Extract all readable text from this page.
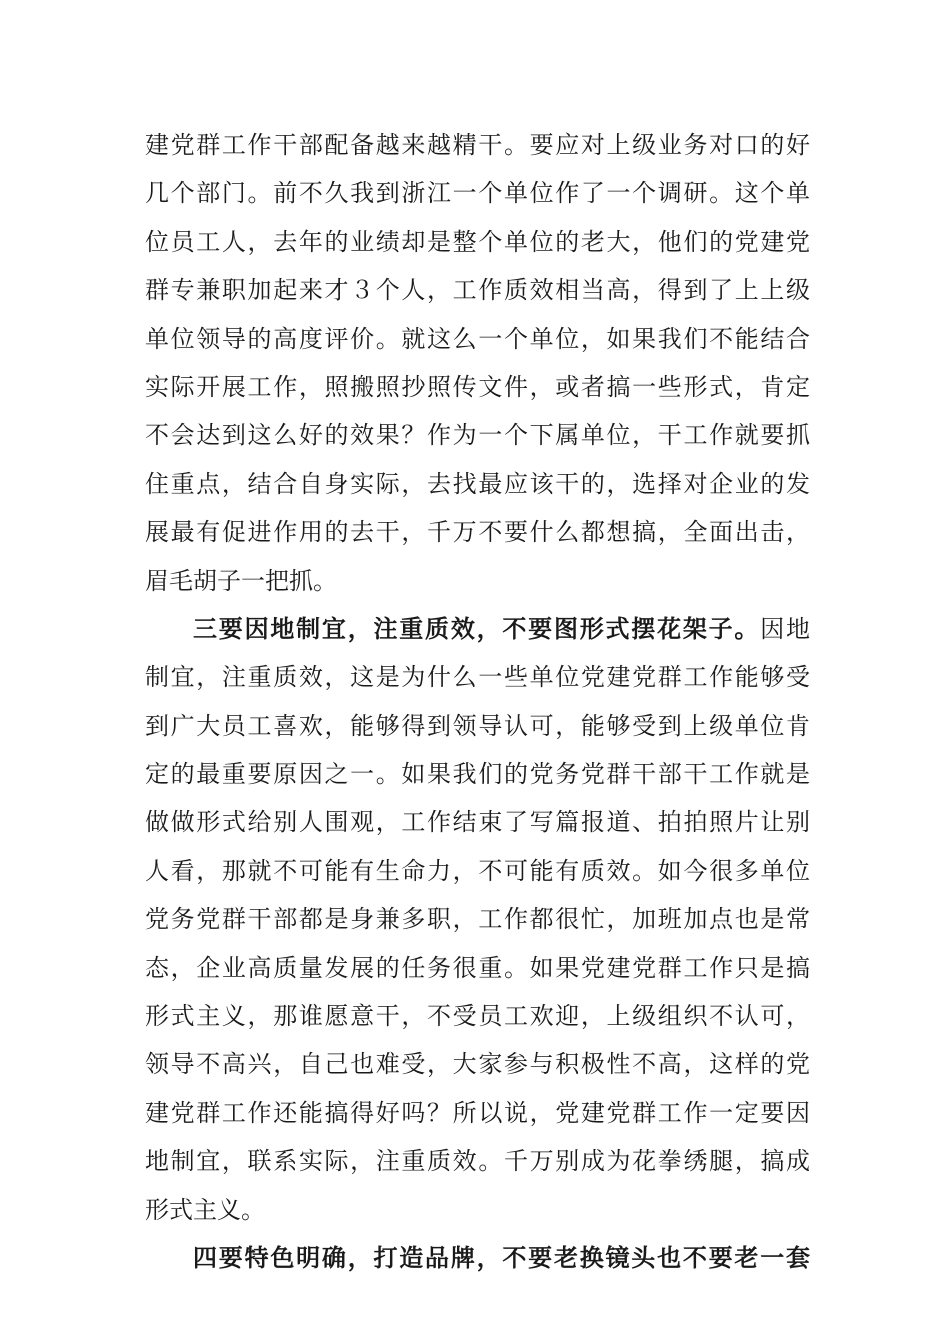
建党群工作干部配备越来越精干。要应对上级业务对口的好
几个部门。前不久我到浙江一个单位作了一个调研。这个单
位员工人，去年的业绩却是整个单位的老大，他们的党建党
群专兼职加起来才３个人，工作质效相当高，得到了上上级
单位领导的高度评价。就这么一个单位，如果我们不能结合
实际开展工作，照搬照抄照传文件，或者搞一些形式，肯定
不会达到这么好的效果？作为一个下属单位，干工作就要抓
住重点，结合自身实际，去找最应该干的，选择对企业的发
展最有促进作用的去干，千万不要什么都想搞，全面出击，
眉毛胡子一把抓。
三要因地制宜，注重质效，不要图形式摆花架子。因地
制宜，注重质效，这是为什么一些单位党建党群工作能够受
到广大员工喜欢，能够得到领导认可，能够受到上级单位肯
定的最重要原因之一。如果我们的党务党群干部干工作就是
做做形式给别人围观，工作结束了写篇报道、拍拍照片让别
人看，那就不可能有生命力，不可能有质效。如今很多单位
党务党群干部都是身兼多职，工作都很忙，加班加点也是常
态，企业高质量发展的任务很重。如果党建党群工作只是搞
形式主义，那谁愿意干，不受员工欢迎，上级组织不认可，
领导不高兴，自己也难受，大家参与积极性不高，这样的党
建党群工作还能搞得好吗？所以说，党建党群工作一定要因
地制宜，联系实际，注重质效。千万别成为花拳绣腿，搞成
形式主义。
四要特色明确，打造品牌，不要老换镜头也不要老一套
